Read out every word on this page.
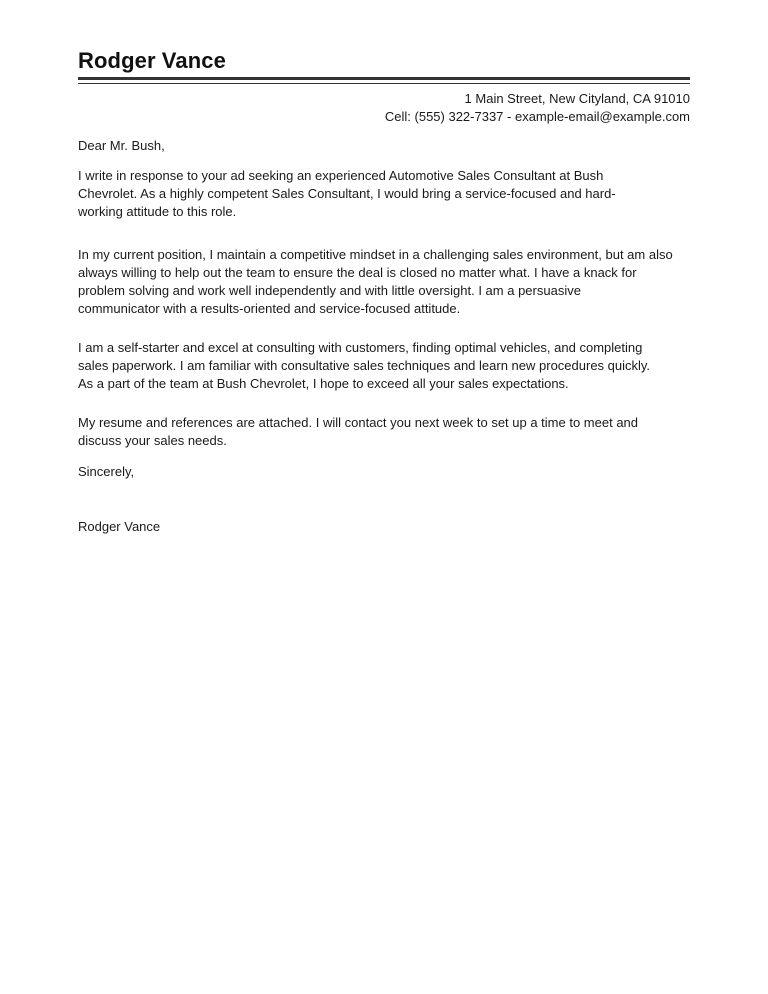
Rodger Vance
1 Main Street, New Cityland, CA 91010
Cell: (555) 322-7337 - example-email@example.com
Dear Mr. Bush,
I write in response to your ad seeking an experienced Automotive Sales Consultant at Bush
Chevrolet. As a highly competent Sales Consultant, I would bring a service-focused and hard-
working attitude to this role.
In my current position, I maintain a competitive mindset in a challenging sales environment, but am also
always willing to help out the team to ensure the deal is closed no matter what. I have a knack for
problem solving and work well independently and with little oversight. I am a persuasive
communicator with a results-oriented and service-focused attitude.
I am a self-starter and excel at consulting with customers, finding optimal vehicles, and completing
sales paperwork. I am familiar with consultative sales techniques and learn new procedures quickly.
As a part of the team at Bush Chevrolet, I hope to exceed all your sales expectations.
My resume and references are attached. I will contact you next week to set up a time to meet and
discuss your sales needs.
Sincerely,
Rodger Vance
